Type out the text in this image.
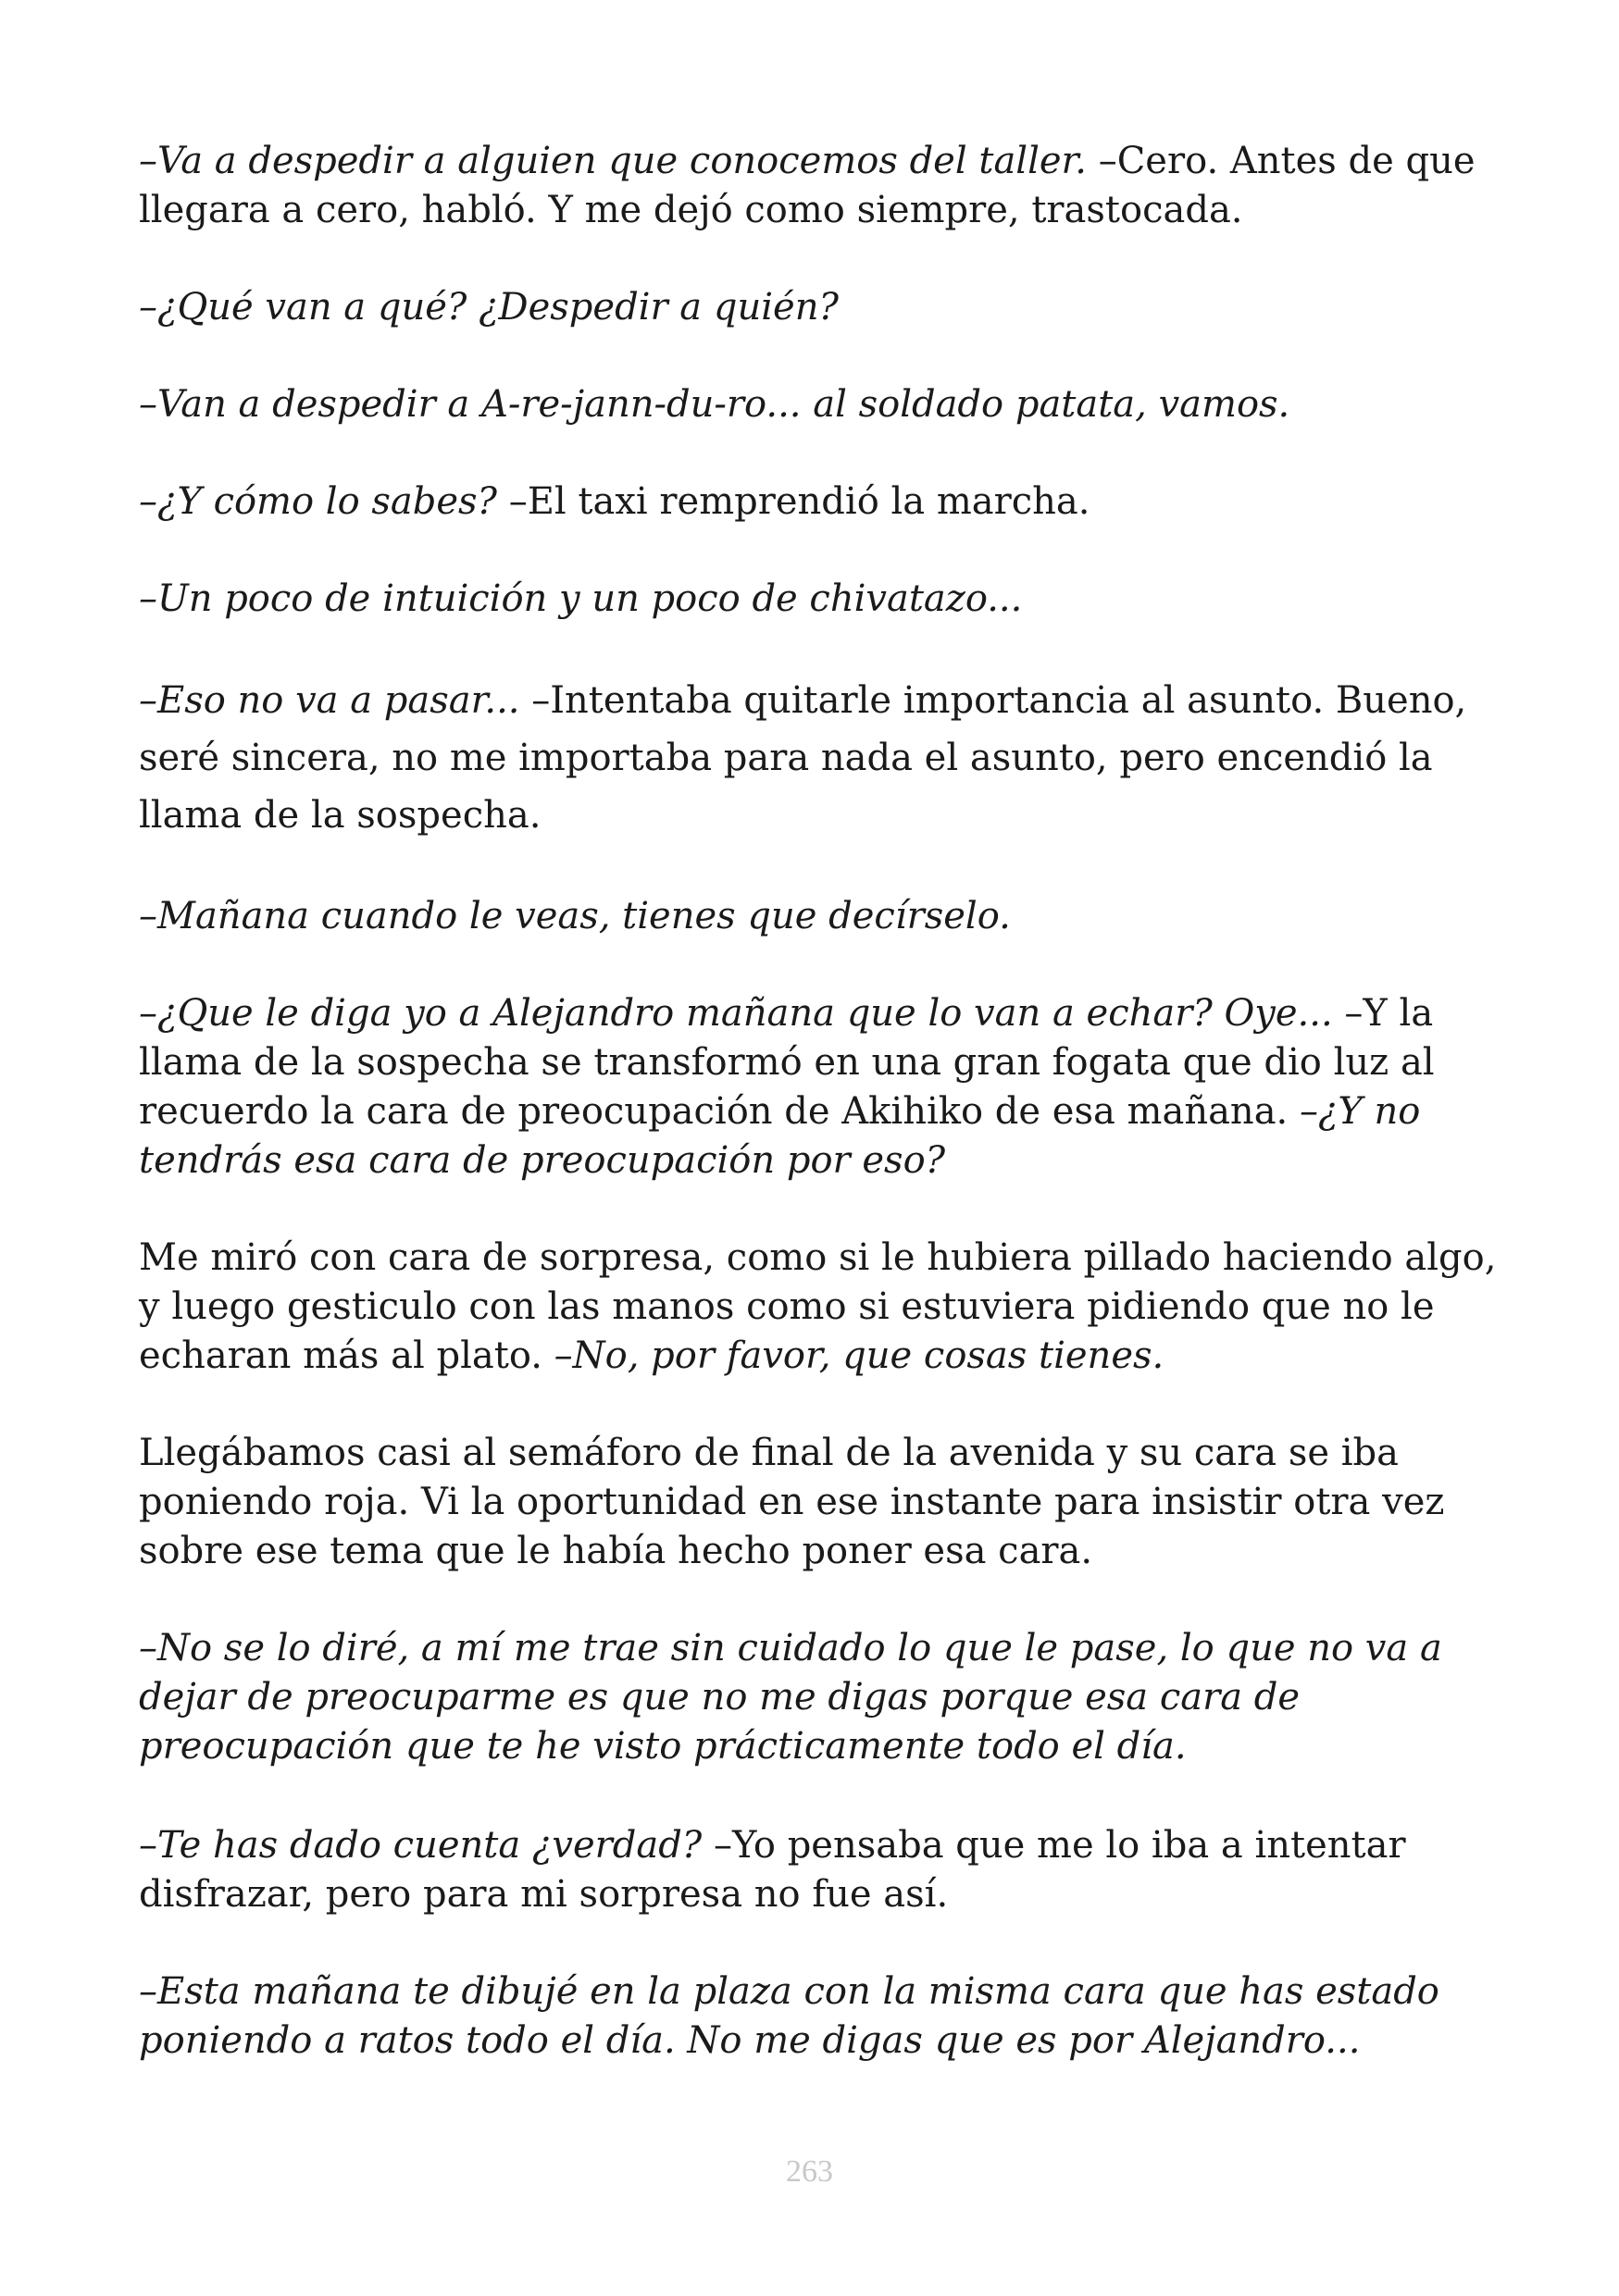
–Va a despedir a alguien que conocemos del taller. –Cero. Antes de que llegara a cero, habló. Y me dejó como siempre, trastocada.

–¿Qué van a qué? ¿Despedir a quién?

–Van a despedir a A-re-jann-du-ro... al soldado patata, vamos.

–¿Y cómo lo sabes? –El taxi remprendió la marcha.

–Un poco de intuición y un poco de chivatazo...

–Eso no va a pasar... –Intentaba quitarle importancia al asunto. Bueno, seré sincera, no me importaba para nada el asunto, pero encendió la llama de la sospecha.

–Mañana cuando le veas, tienes que decírselo.

–¿Que le diga yo a Alejandro mañana que lo van a echar? Oye... –Y la llama de la sospecha se transformó en una gran fogata que dio luz al recuerdo la cara de preocupación de Akihiko de esa mañana. –¿Y no tendrás esa cara de preocupación por eso?

Me miró con cara de sorpresa, como si le hubiera pillado haciendo algo, y luego gesticulo con las manos como si estuviera pidiendo que no le echaran más al plato. –No, por favor, que cosas tienes.

Llegábamos casi al semáforo de final de la avenida y su cara se iba poniendo roja. Vi la oportunidad en ese instante para insistir otra vez sobre ese tema que le había hecho poner esa cara.

–No se lo diré, a mí me trae sin cuidado lo que le pase, lo que no va a dejar de preocuparme es que no me digas porque esa cara de preocupación que te he visto prácticamente todo el día.

–Te has dado cuenta ¿verdad? –Yo pensaba que me lo iba a intentar disfrazar, pero para mi sorpresa no fue así.

–Esta mañana te dibujé en la plaza con la misma cara que has estado poniendo a ratos todo el día. No me digas que es por Alejandro...

263
